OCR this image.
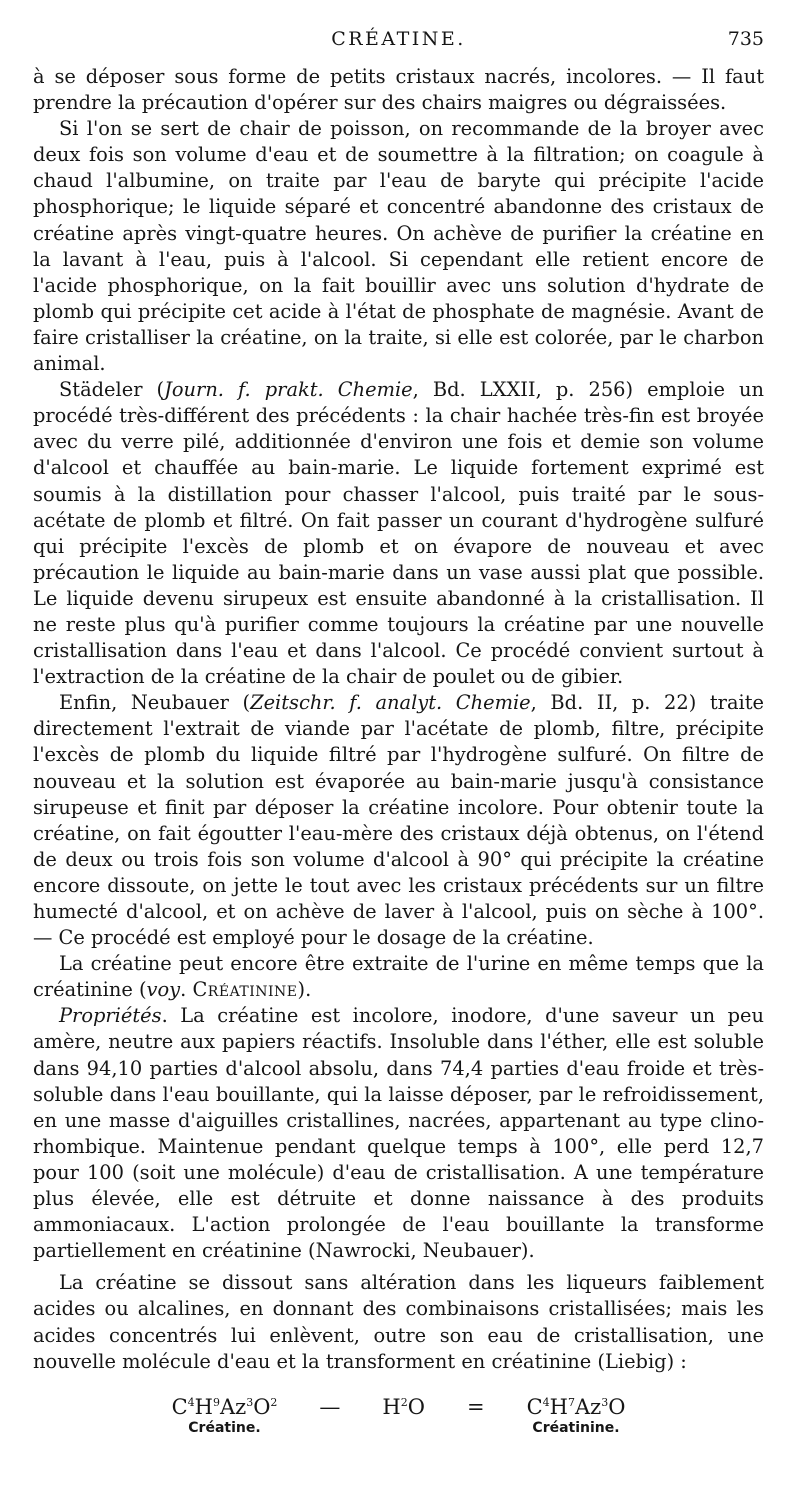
CRÉATINE.	735

à se déposer sous forme de petits cristaux nacrés, incolores. — Il faut prendre la précaution d'opérer sur des chairs maigres ou dégraissées.

Si l'on se sert de chair de poisson, on recommande de la broyer avec deux fois son volume d'eau et de soumettre à la filtration; on coagule à chaud l'albumine, on traite par l'eau de baryte qui précipite l'acide phosphorique; le liquide séparé et concentré abandonne des cristaux de créatine après vingt-quatre heures. On achève de purifier la créatine en la lavant à l'eau, puis à l'alcool. Si cependant elle retient encore de l'acide phosphorique, on la fait bouillir avec uns solution d'hydrate de plomb qui précipite cet acide à l'état de phosphate de magnésie. Avant de faire cristalliser la créatine, on la traite, si elle est colorée, par le charbon animal.

Städeler (Journ. f. prakt. Chemie, Bd. LXXII, p. 256) emploie un procédé très-différent des précédents : la chair hachée très-fin est broyée avec du verre pilé, additionnée d'environ une fois et demie son volume d'alcool et chauffée au bain-marie. Le liquide fortement exprimé est soumis à la distillation pour chasser l'alcool, puis traité par le sous-acétate de plomb et filtré. On fait passer un courant d'hydrogène sulfuré qui précipite l'excès de plomb et on évapore de nouveau et avec précaution le liquide au bain-marie dans un vase aussi plat que possible. Le liquide devenu sirupeux est ensuite abandonné à la cristallisation. Il ne reste plus qu'à purifier comme toujours la créatine par une nouvelle cristallisation dans l'eau et dans l'alcool. Ce procédé convient surtout à l'extraction de la créatine de la chair de poulet ou de gibier.

Enfin, Neubauer (Zeitschr. f. analyt. Chemie, Bd. II, p. 22) traite directement l'extrait de viande par l'acétate de plomb, filtre, précipite l'excès de plomb du liquide filtré par l'hydrogène sulfuré. On filtre de nouveau et la solution est évaporée au bain-marie jusqu'à consistance sirupeuse et finit par déposer la créatine incolore. Pour obtenir toute la créatine, on fait égoutter l'eau-mère des cristaux déjà obtenus, on l'étend de deux ou trois fois son volume d'alcool à 90° qui précipite la créatine encore dissoute, on jette le tout avec les cristaux précédents sur un filtre humecté d'alcool, et on achève de laver à l'alcool, puis on sèche à 100°. — Ce procédé est employé pour le dosage de la créatine.

La créatine peut encore être extraite de l'urine en même temps que la créatinine (voy. Créatinine).

Propriétés. La créatine est incolore, inodore, d'une saveur un peu amère, neutre aux papiers réactifs. Insoluble dans l'éther, elle est soluble dans 94,10 parties d'alcool absolu, dans 74,4 parties d'eau froide et très-soluble dans l'eau bouillante, qui la laisse déposer, par le refroidissement, en une masse d'aiguilles cristallines, nacrées, appartenant au type clino-rhombique. Maintenue pendant quelque temps à 100°, elle perd 12,7 pour 100 (soit une molécule) d'eau de cristallisation. A une température plus élevée, elle est détruite et donne naissance à des produits ammoniacaux. L'action prolongée de l'eau bouillante la transforme partiellement en créatinine (Nawrocki, Neubauer).

La créatine se dissout sans altération dans les liqueurs faiblement acides ou alcalines, en donnant des combinaisons cristallisées; mais les acides concentrés lui enlèvent, outre son eau de cristallisation, une nouvelle molécule d'eau et la transforment en créatinine (Liebig) :

$C^4H^9Az^3O^2$
Créatine.
— $H^2O = C^4H^7Az^3O$
Créatinine.
